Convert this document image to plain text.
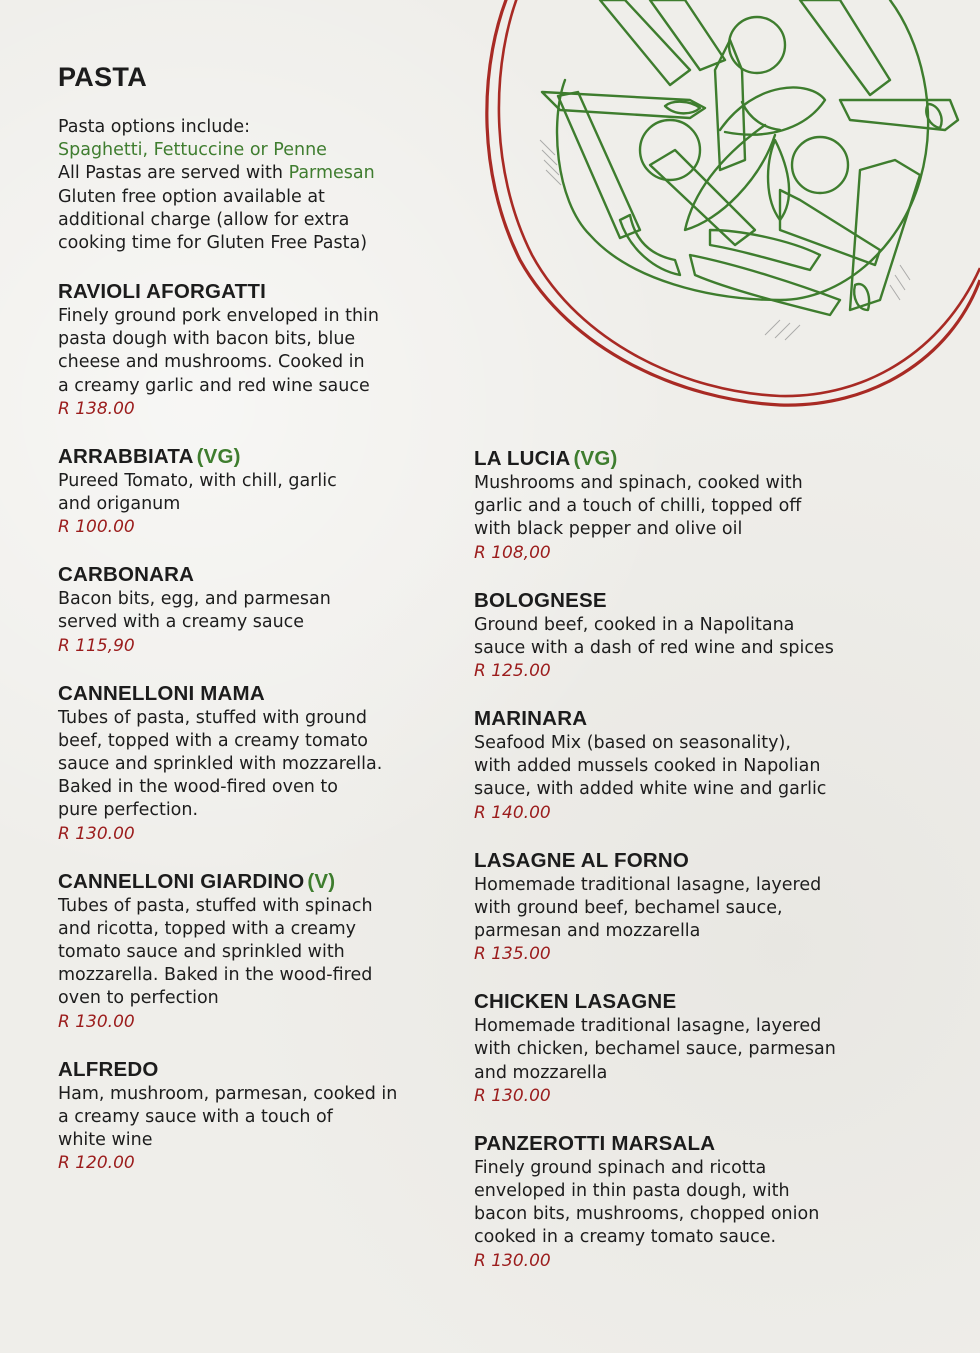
PASTA
Pasta options include:
Spaghetti, Fettuccine or Penne
All Pastas are served with Parmesan
Gluten free option available at
additional charge (allow for extra
cooking time for Gluten Free Pasta)
RAVIOLI AFORGATTI
Finely ground pork enveloped in thin
pasta dough with bacon bits, blue
cheese and mushrooms. Cooked in
a creamy garlic and red wine sauce
R 138.00
ARRABBIATA (VG)
Pureed Tomato, with chill, garlic
and origanum
R 100.00
CARBONARA
Bacon bits, egg, and parmesan
served with a creamy sauce
R 115,90
CANNELLONI MAMA
Tubes of pasta, stuffed with ground
beef, topped with a creamy tomato
sauce and sprinkled with mozzarella.
Baked in the wood-fired oven to
pure perfection.
R 130.00
CANNELLONI GIARDINO (V)
Tubes of pasta, stuffed with spinach
and ricotta, topped with a creamy
tomato sauce and sprinkled with
mozzarella. Baked in the wood-fired
oven to perfection
R 130.00
ALFREDO
Ham, mushroom, parmesan, cooked in
a creamy sauce with a touch of
white wine
R 120.00
LA LUCIA (VG)
Mushrooms and spinach, cooked with
garlic and a touch of chilli, topped off
with black pepper and olive oil
R 108,00
BOLOGNESE
Ground beef, cooked in a Napolitana
sauce with a dash of red wine and spices
R 125.00
MARINARA
Seafood Mix (based on seasonality),
with added mussels cooked in Napolian
sauce, with added white wine and garlic
R 140.00
LASAGNE AL FORNO
Homemade traditional lasagne, layered
with ground beef, bechamel sauce,
parmesan and mozzarella
R 135.00
CHICKEN LASAGNE
Homemade traditional lasagne, layered
with chicken, bechamel sauce, parmesan
and mozzarella
R 130.00
PANZEROTTI MARSALA
Finely ground spinach and ricotta
enveloped in thin pasta dough, with
bacon bits, mushrooms, chopped onion
cooked in a creamy tomato sauce.
R 130.00
